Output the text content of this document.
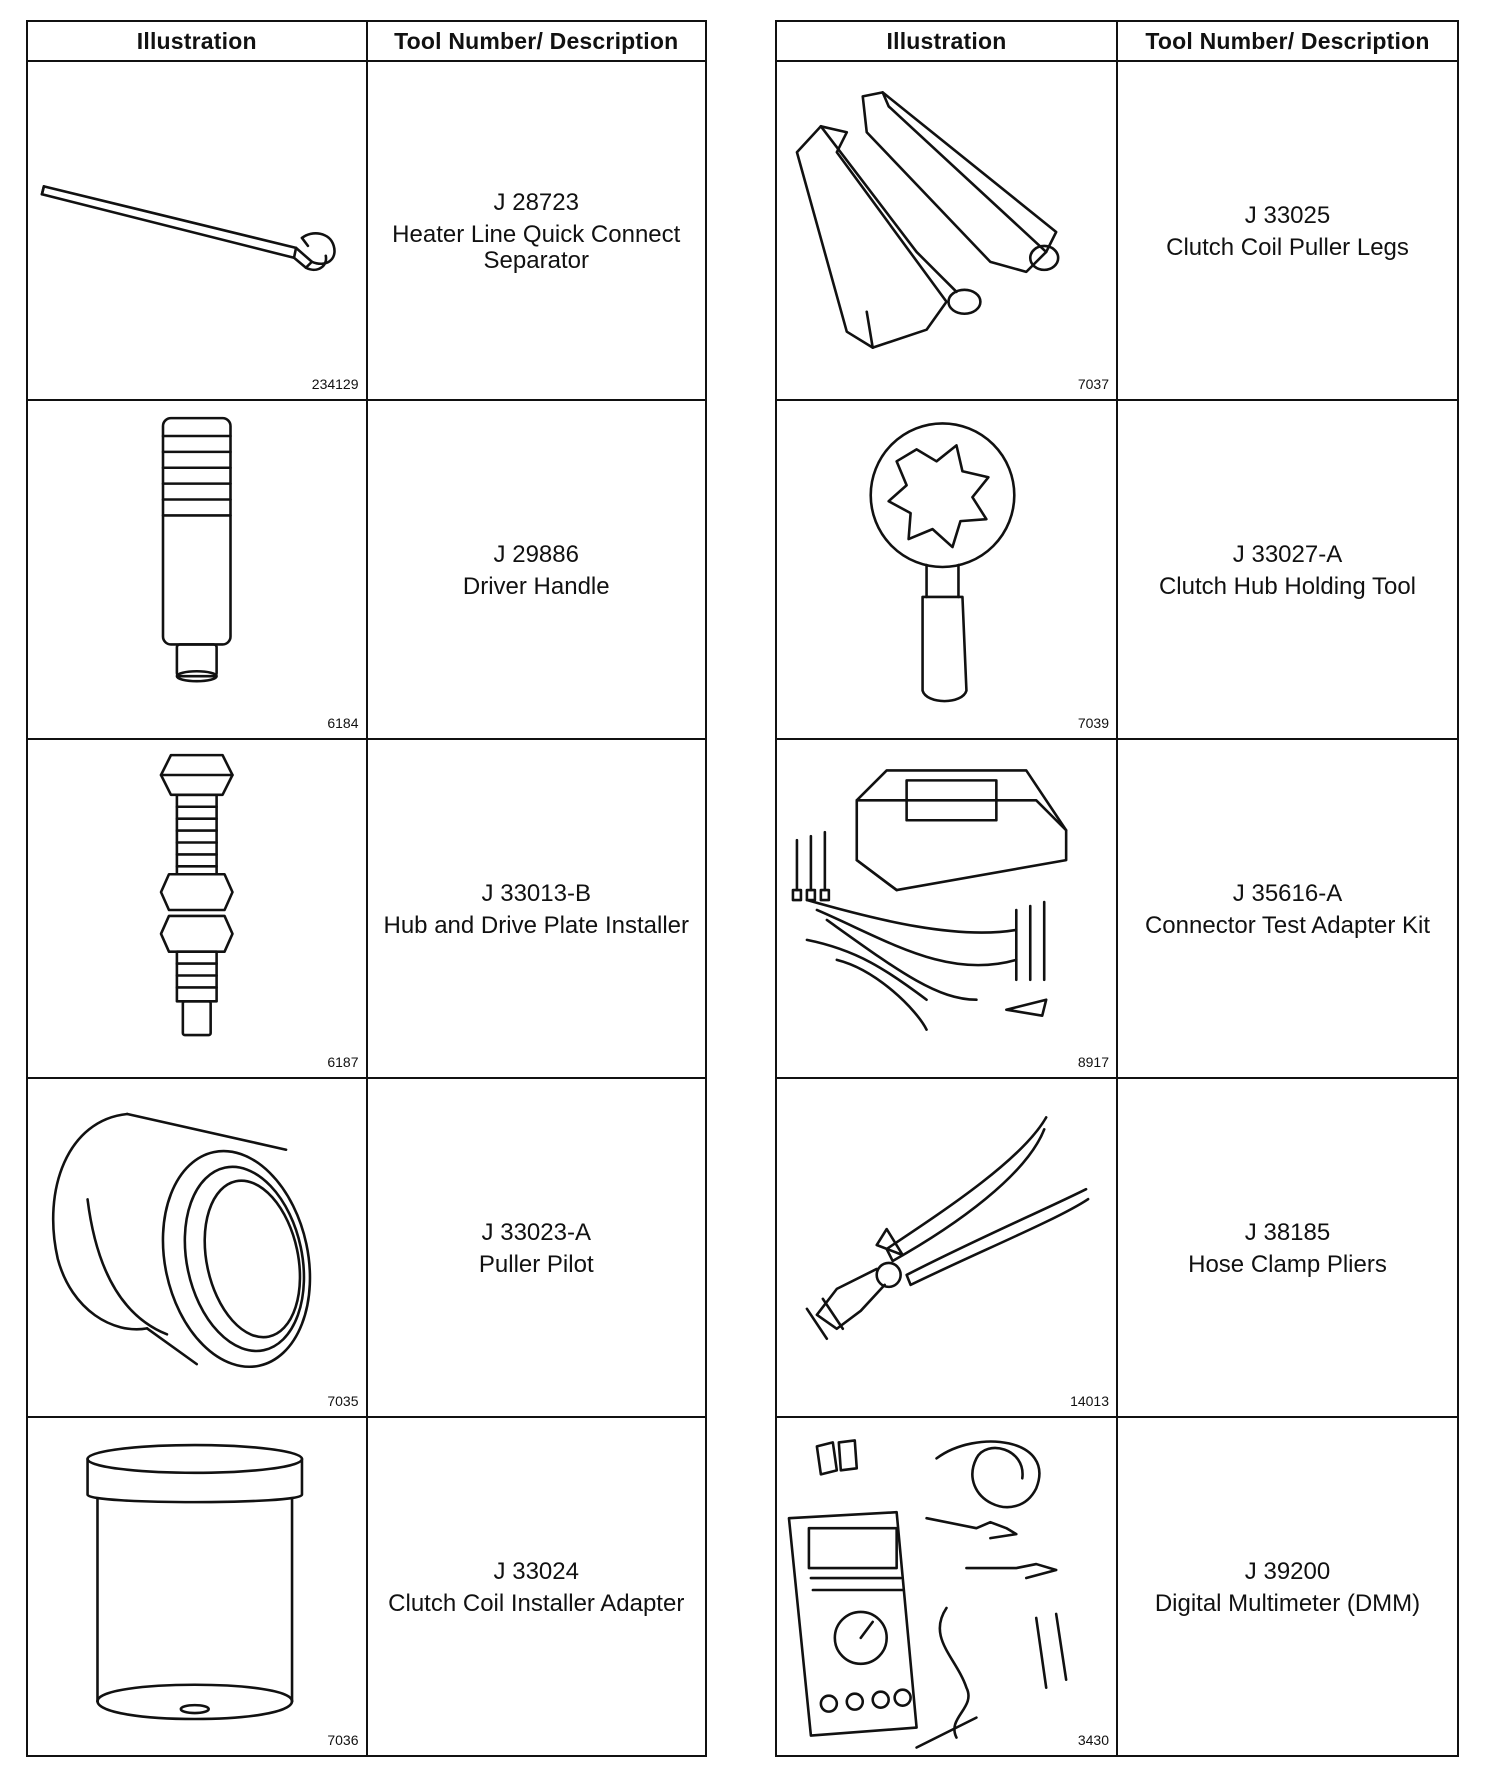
Illustration	Tool Number/ Description

234129	J 28723
Heater Line Quick Connect Separator

6184	J 29886
Driver Handle

6187	J 33013-B
Hub and Drive Plate Installer

7035	J 33023-A
Puller Pilot

7036	J 33024
Clutch Coil Installer Adapter
Illustration	Tool Number/ Description

7037	J 33025
Clutch Coil Puller Legs

7039	J 33027-A
Clutch Hub Holding Tool

8917	J 35616-A
Connector Test Adapter Kit

14013	J 38185
Hose Clamp Pliers

3430	J 39200
Digital Multimeter (DMM)
